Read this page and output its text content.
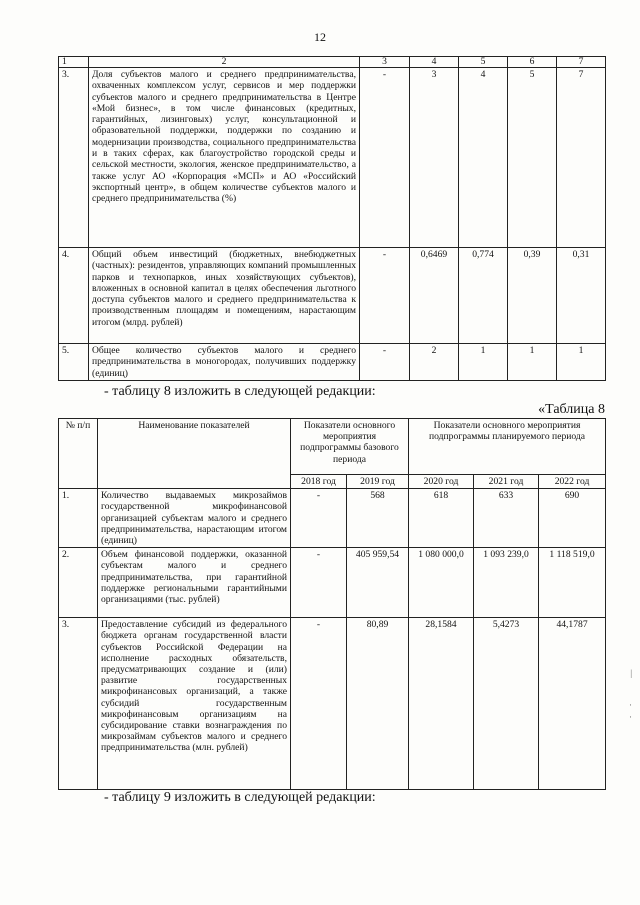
12
1	2	3	4	5	6	7
3.	Доля субъектов малого и среднего предпринимательства, охваченных комплексом услуг, сервисов и мер поддержки субъектов малого и среднего предпринимательства в Центре «Мой бизнес», в том числе финансовых (кредитных, гарантийных, лизинговых) услуг, консультационной и образовательной поддержки, поддержки по созданию и модернизации производства, социального предпринимательства и в таких сферах, как благоустройство городской среды и сельской местности, экология, женское предпринимательство, а также услуг АО «Корпорация «МСП» и АО «Российский экспортный центр», в общем количестве субъектов малого и среднего предпринимательства (%)	-	3	4	5	7
4.	Общий объем инвестиций (бюджетных, внебюджетных (частных): резидентов, управляющих компаний промышленных парков и технопарков, иных хозяйствующих субъектов), вложенных в основной капитал в целях обеспечения льготного доступа субъектов малого и среднего предпринимательства к производственным площадям и помещениям, нарастающим итогом (млрд. рублей)	-	0,6469	0,774	0,39	0,31
5.	Общее количество субъектов малого и среднего предпринимательства в моногородах, получивших поддержку (единиц)	-	2	1	1	1
- таблицу 8 изложить в следующей редакции:
«Таблица 8
№ п/п	Наименование показателей	Показатели основного мероприятия подпрограммы базового периода		Показатели основного мероприятия подпрограммы планируемого периода		
		2018 год	2019 год	2020 год	2021 год	2022 год
1.	Количество выдаваемых микрозаймов государственной микрофинансовой организацией субъектам малого и среднего предпринимательства, нарастающим итогом (единиц)	-	568	618	633	690
2.	Объем финансовой поддержки, оказанной субъектам малого и среднего предпринимательства, при гарантийной поддержке региональными гарантийными организациями (тыс. рублей)	-	405 959,54	1 080 000,0	1 093 239,0	1 118 519,0
3.	Предоставление субсидий из федерального бюджета органам государственной власти субъектов Российской Федерации на исполнение расходных обязательств, предусматривающих создание и (или) развитие государственных микрофинансовых организаций, а также субсидий государственным микрофинансовым организациям на субсидирование ставки вознаграждения по микрозаймам субъектов малого и среднего предпринимательства (млн. рублей)	-	80,89	28,1584	5,4273	44,1787
- таблицу 9 изложить в следующей редакции:
|
·
·
